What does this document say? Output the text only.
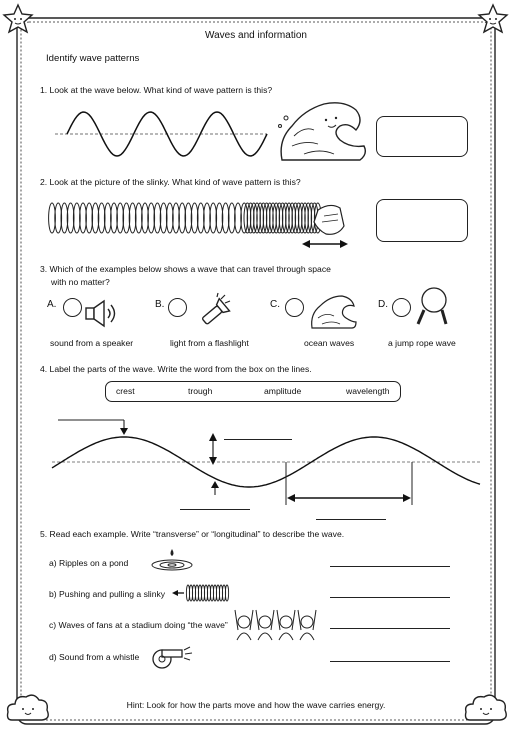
Waves and information
Identify wave patterns
1. Look at the wave below. What kind of wave pattern is this?
2. Look at the picture of the slinky. What kind of wave pattern is this?
3. Which of the examples below shows a wave that can travel through space
with no matter?
A.
sound from a speaker
B.
light from a flashlight
C.
ocean waves
D.
a jump rope wave
4. Label the parts of the wave. Write the word from the box on the lines.
crest	trough	amplitude	wavelength
5. Read each example. Write “transverse” or “longitudinal” to describe the wave.
a) Ripples on a pond
b) Pushing and pulling a slinky
c) Waves of fans at a stadium doing “the wave”
d) Sound from a whistle
Hint: Look for how the parts move and how the wave carries energy.
